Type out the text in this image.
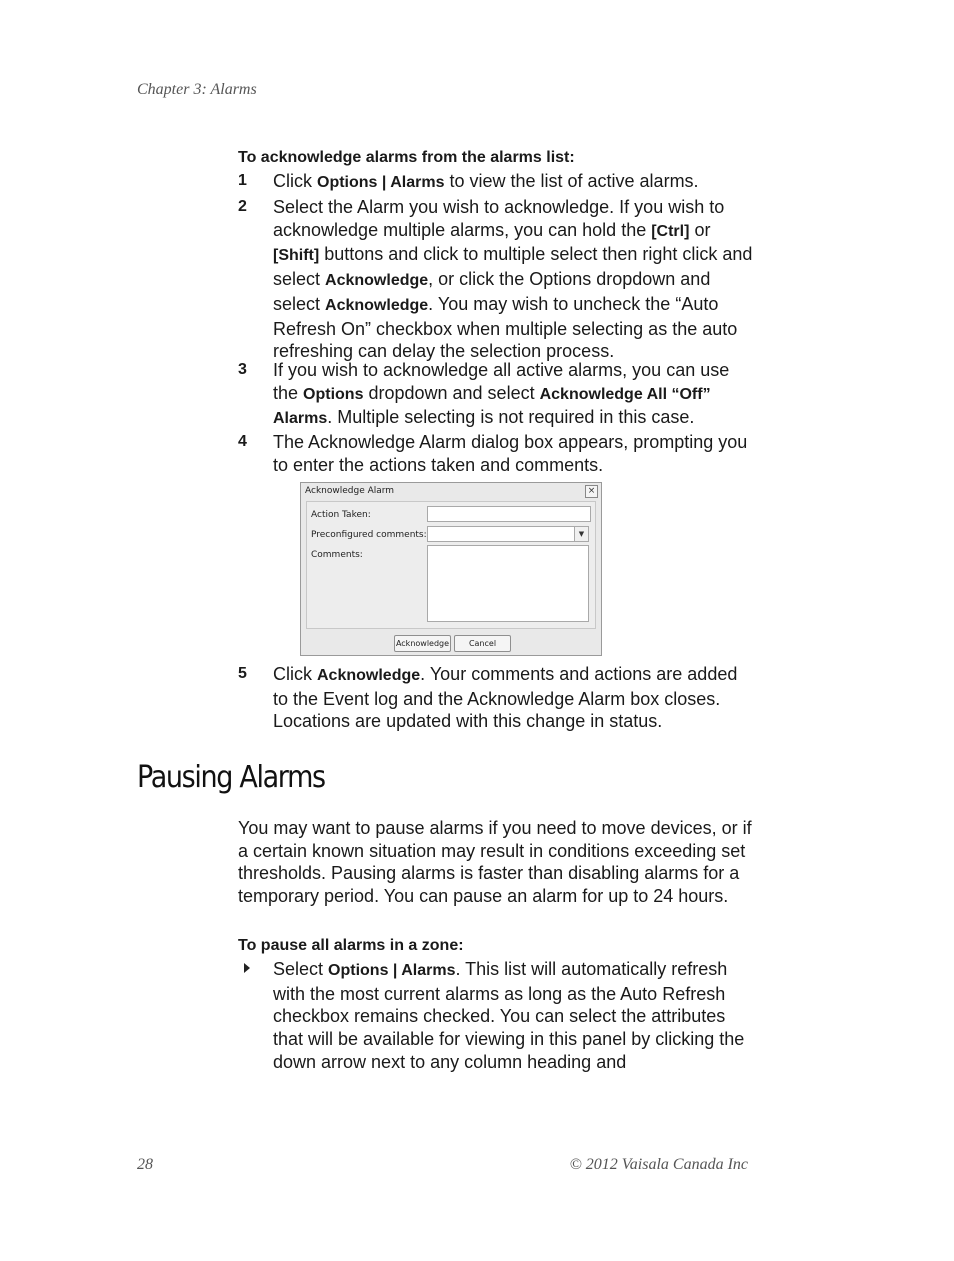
Chapter 3: Alarms
To acknowledge alarms from the alarms list:
1 Click Options | Alarms to view the list of active alarms.
2 Select the Alarm you wish to acknowledge. If you wish to acknowledge multiple alarms, you can hold the [Ctrl] or [Shift] buttons and click to multiple select then right click and select Acknowledge, or click the Options dropdown and select Acknowledge. You may wish to uncheck the “Auto Refresh On” checkbox when multiple selecting as the auto refreshing can delay the selection process.
3 If you wish to acknowledge all active alarms, you can use the Options dropdown and select Acknowledge All “Off” Alarms. Multiple selecting is not required in this case.
4 The Acknowledge Alarm dialog box appears, prompting you to enter the actions taken and comments.
Acknowledge Alarm	×
Action Taken:
Preconfigured comments:	▼
Comments:
Acknowledge	Cancel
5 Click Acknowledge. Your comments and actions are added to the Event log and the Acknowledge Alarm box closes. Locations are updated with this change in status.
Pausing Alarms
You may want to pause alarms if you need to move devices, or if a certain known situation may result in conditions exceeding set thresholds. Pausing alarms is faster than disabling alarms for a temporary period. You can pause an alarm for up to 24 hours.
To pause all alarms in a zone:
Select Options | Alarms. This list will automatically refresh with the most current alarms as long as the Auto Refresh checkbox remains checked. You can select the attributes that will be available for viewing in this panel by clicking the down arrow next to any column heading and
28	© 2012 Vaisala Canada Inc
